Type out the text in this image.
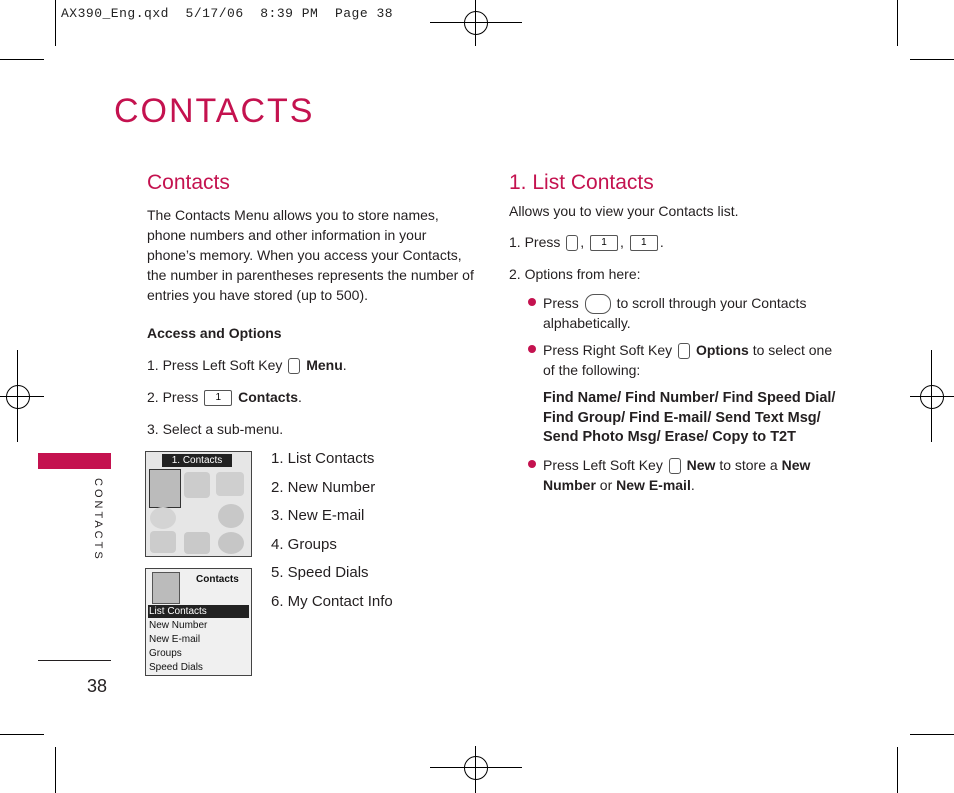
AX390_Eng.qxd  5/17/06  8:39 PM  Page 38
CONTACTS
CONTACTS
38
Contacts
The Contacts Menu allows you to store names, phone numbers and other information in your phone’s memory. When you access your Contacts, the number in parentheses represents the number of entries you have stored (up to 500).
Access and Options
1. Press Left Soft Key Menu.
2. Press 1 Contacts.
3. Select a sub-menu.
1. Contacts
Contacts
List Contacts
New Number
New E-mail
Groups
Speed Dials
1. List Contacts
2. New Number
3. New E-mail
4. Groups
5. Speed Dials
6. My Contact Info
1. List Contacts
Allows you to view your Contacts list.
1. Press , 1 , 1 .
2. Options from here:
Press	to scroll through your Contacts
alphabetically.
Press Right Soft Key Options to select one
of the following:
Find Name/ Find Number/ Find Speed Dial/
Find Group/ Find E-mail/ Send Text Msg/
Send Photo Msg/ Erase/ Copy to T2T
Press Left Soft Key New to store a New
Number or New E-mail.
